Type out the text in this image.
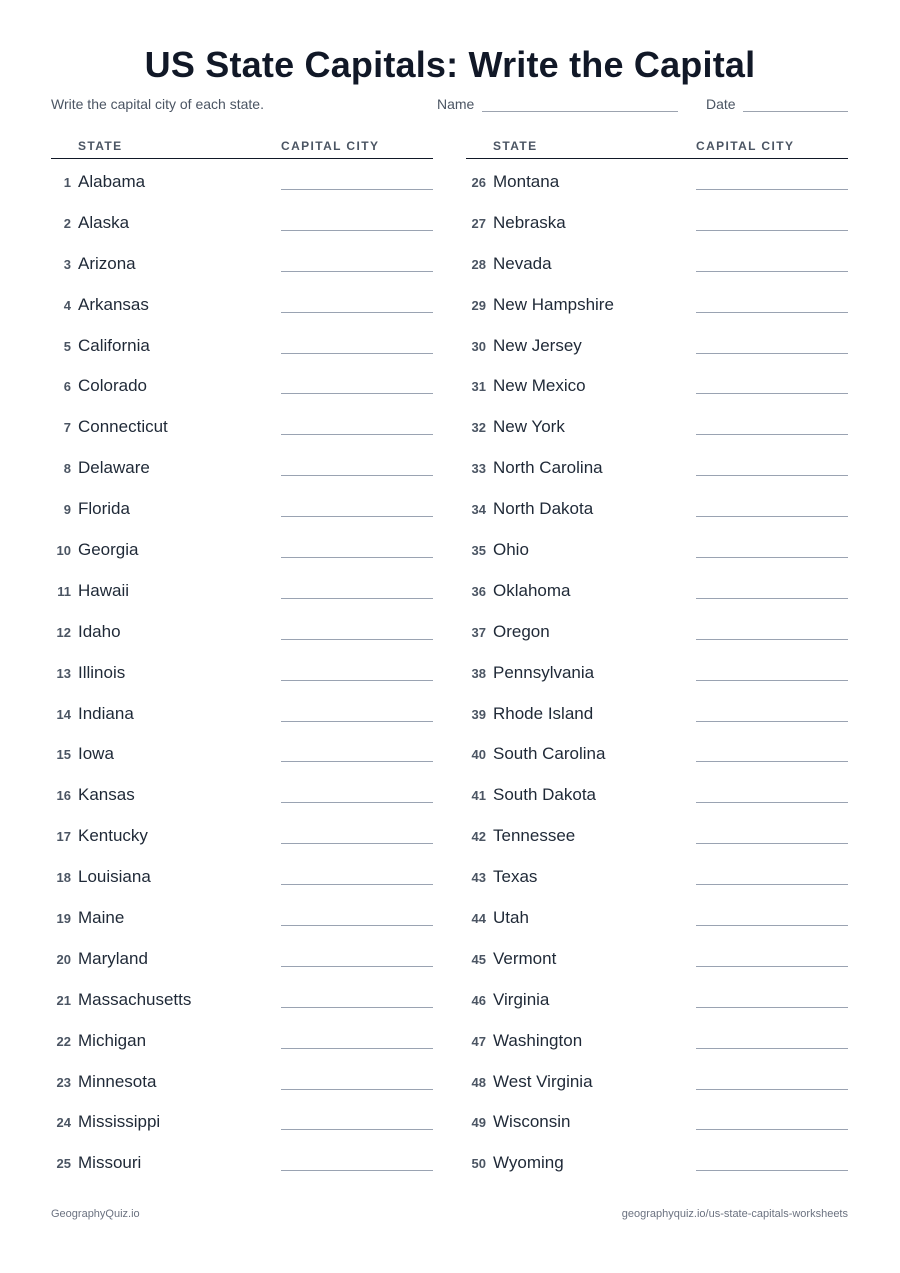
US State Capitals: Write the Capital
Write the capital city of each state.	Name	Date
STATE	CAPITAL CITY
1 Alabama
2 Alaska
3 Arizona
4 Arkansas
5 California
6 Colorado
7 Connecticut
8 Delaware
9 Florida
10 Georgia
11 Hawaii
12 Idaho
13 Illinois
14 Indiana
15 Iowa
16 Kansas
17 Kentucky
18 Louisiana
19 Maine
20 Maryland
21 Massachusetts
22 Michigan
23 Minnesota
24 Mississippi
25 Missouri
STATE	CAPITAL CITY
26 Montana
27 Nebraska
28 Nevada
29 New Hampshire
30 New Jersey
31 New Mexico
32 New York
33 North Carolina
34 North Dakota
35 Ohio
36 Oklahoma
37 Oregon
38 Pennsylvania
39 Rhode Island
40 South Carolina
41 South Dakota
42 Tennessee
43 Texas
44 Utah
45 Vermont
46 Virginia
47 Washington
48 West Virginia
49 Wisconsin
50 Wyoming
GeographyQuiz.io	geographyquiz.io/us-state-capitals-worksheets
